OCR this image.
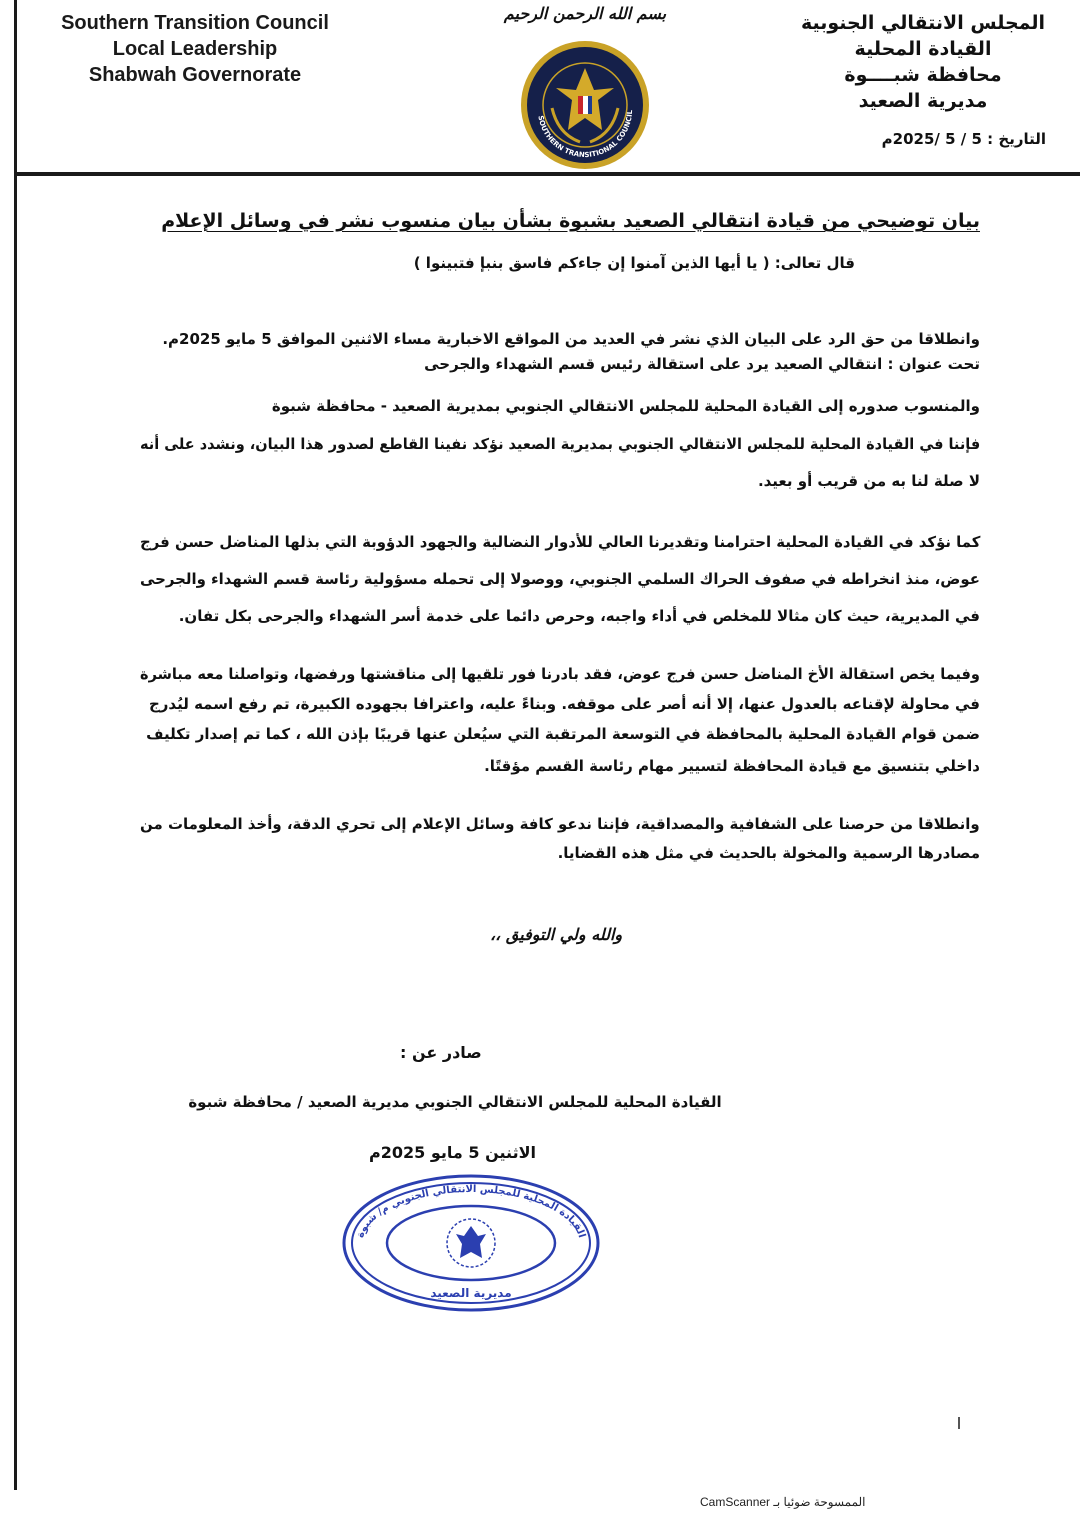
Southern Transition Council
Local Leadership
Shabwah Governorate
بسم الله الرحمن الرحيم
SOUTHERN TRANSITIONAL COUNCIL
المجلس الانتقالي الجنوبية
القيادة المحلية
محافظة شبــــوة
مديرية الصعيد
التاريخ : 5 / 5 /2025م
بيان توضيحي من قيادة انتقالي الصعيد بشبوة بشأن بيان منسوب نشر في وسائل الإعلام
قال تعالى: ( يا أيها الذين آمنوا إن جاءكم فاسق بنبإ فتبينوا )
وانطلاقا من حق الرد على البيان الذي نشر في العديد من المواقع الاخبارية مساء الاثنين الموافق 5 مايو 2025م.
تحت عنوان : انتقالي الصعيد يرد على استقالة رئيس قسم الشهداء والجرحى
والمنسوب صدوره إلى القيادة المحلية للمجلس الانتقالي الجنوبي بمديرية الصعيد - محافظة شبوة
فإننا في القيادة المحلية للمجلس الانتقالي الجنوبي بمديرية الصعيد نؤكد نفينا القاطع لصدور هذا البيان، ونشدد على أنه
لا صلة لنا به من قريب أو بعيد.
كما نؤكد في القيادة المحلية احترامنا وتقديرنا العالي للأدوار النضالية والجهود الدؤوبة التي بذلها المناضل حسن فرج
عوض، منذ انخراطه في صفوف الحراك السلمي الجنوبي، ووصولا إلى تحمله مسؤولية رئاسة قسم الشهداء والجرحى
في المديرية، حيث كان مثالا للمخلص في أداء واجبه، وحرص دائما على خدمة أسر الشهداء والجرحى بكل تفان.
وفيما يخص استقالة الأخ المناضل حسن فرج عوض، فقد بادرنا فور تلقيها إلى مناقشتها ورفضها، وتواصلنا معه مباشرة
في محاولة لإقناعه بالعدول عنها، إلا أنه أصر على موقفه. وبناءً عليه، واعترافا بجهوده الكبيرة، تم رفع اسمه ليُدرج
ضمن قوام القيادة المحلية بالمحافظة في التوسعة المرتقبة التي سيُعلن عنها قريبًا بإذن الله ، كما تم إصدار تكليف
داخلي بتنسيق مع قيادة المحافظة لتسيير مهام رئاسة القسم مؤقتًا.
وانطلاقا من حرصنا على الشفافية والمصداقية، فإننا ندعو كافة وسائل الإعلام إلى تحري الدقة، وأخذ المعلومات من
مصادرها الرسمية والمخولة بالحديث في مثل هذه القضايا.
والله ولي التوفيق ،،
صادر عن :
القيادة المحلية للمجلس الانتقالي الجنوبي مديرية الصعيد / محافظة شبوة
الاثنين 5 مايو 2025م
القيادة المحلية للمجلس الانتقالي الجنوبي م/ شبوة
مديرية الصعيد
الممسوحة ضوئيا بـ CamScanner
